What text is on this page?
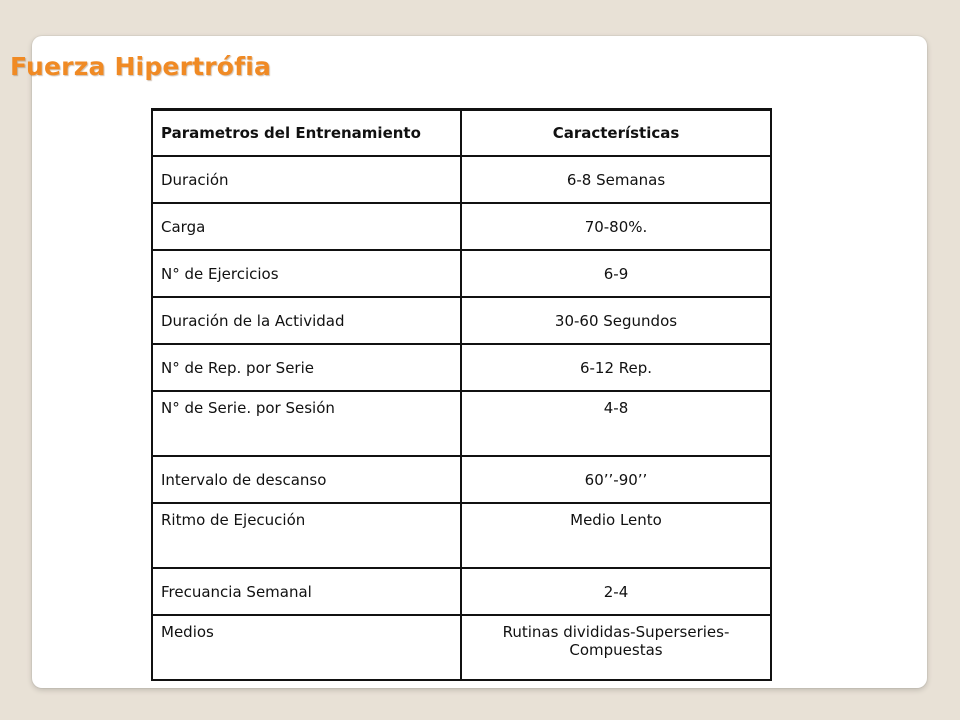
Fuerza Hipertrófia
Parametros del Entrenamiento	Características
Duración	6-8 Semanas
Carga	70-80%.
N° de Ejercicios	6-9
Duración de la Actividad	30-60 Segundos
N° de Rep. por Serie	6-12 Rep.
N° de Serie. por Sesión	4-8
Intervalo de descanso	60’’-90’’
Ritmo de Ejecución	Medio Lento
Frecuancia Semanal	2-4
Medios	Rutinas divididas-Superseries-Compuestas
